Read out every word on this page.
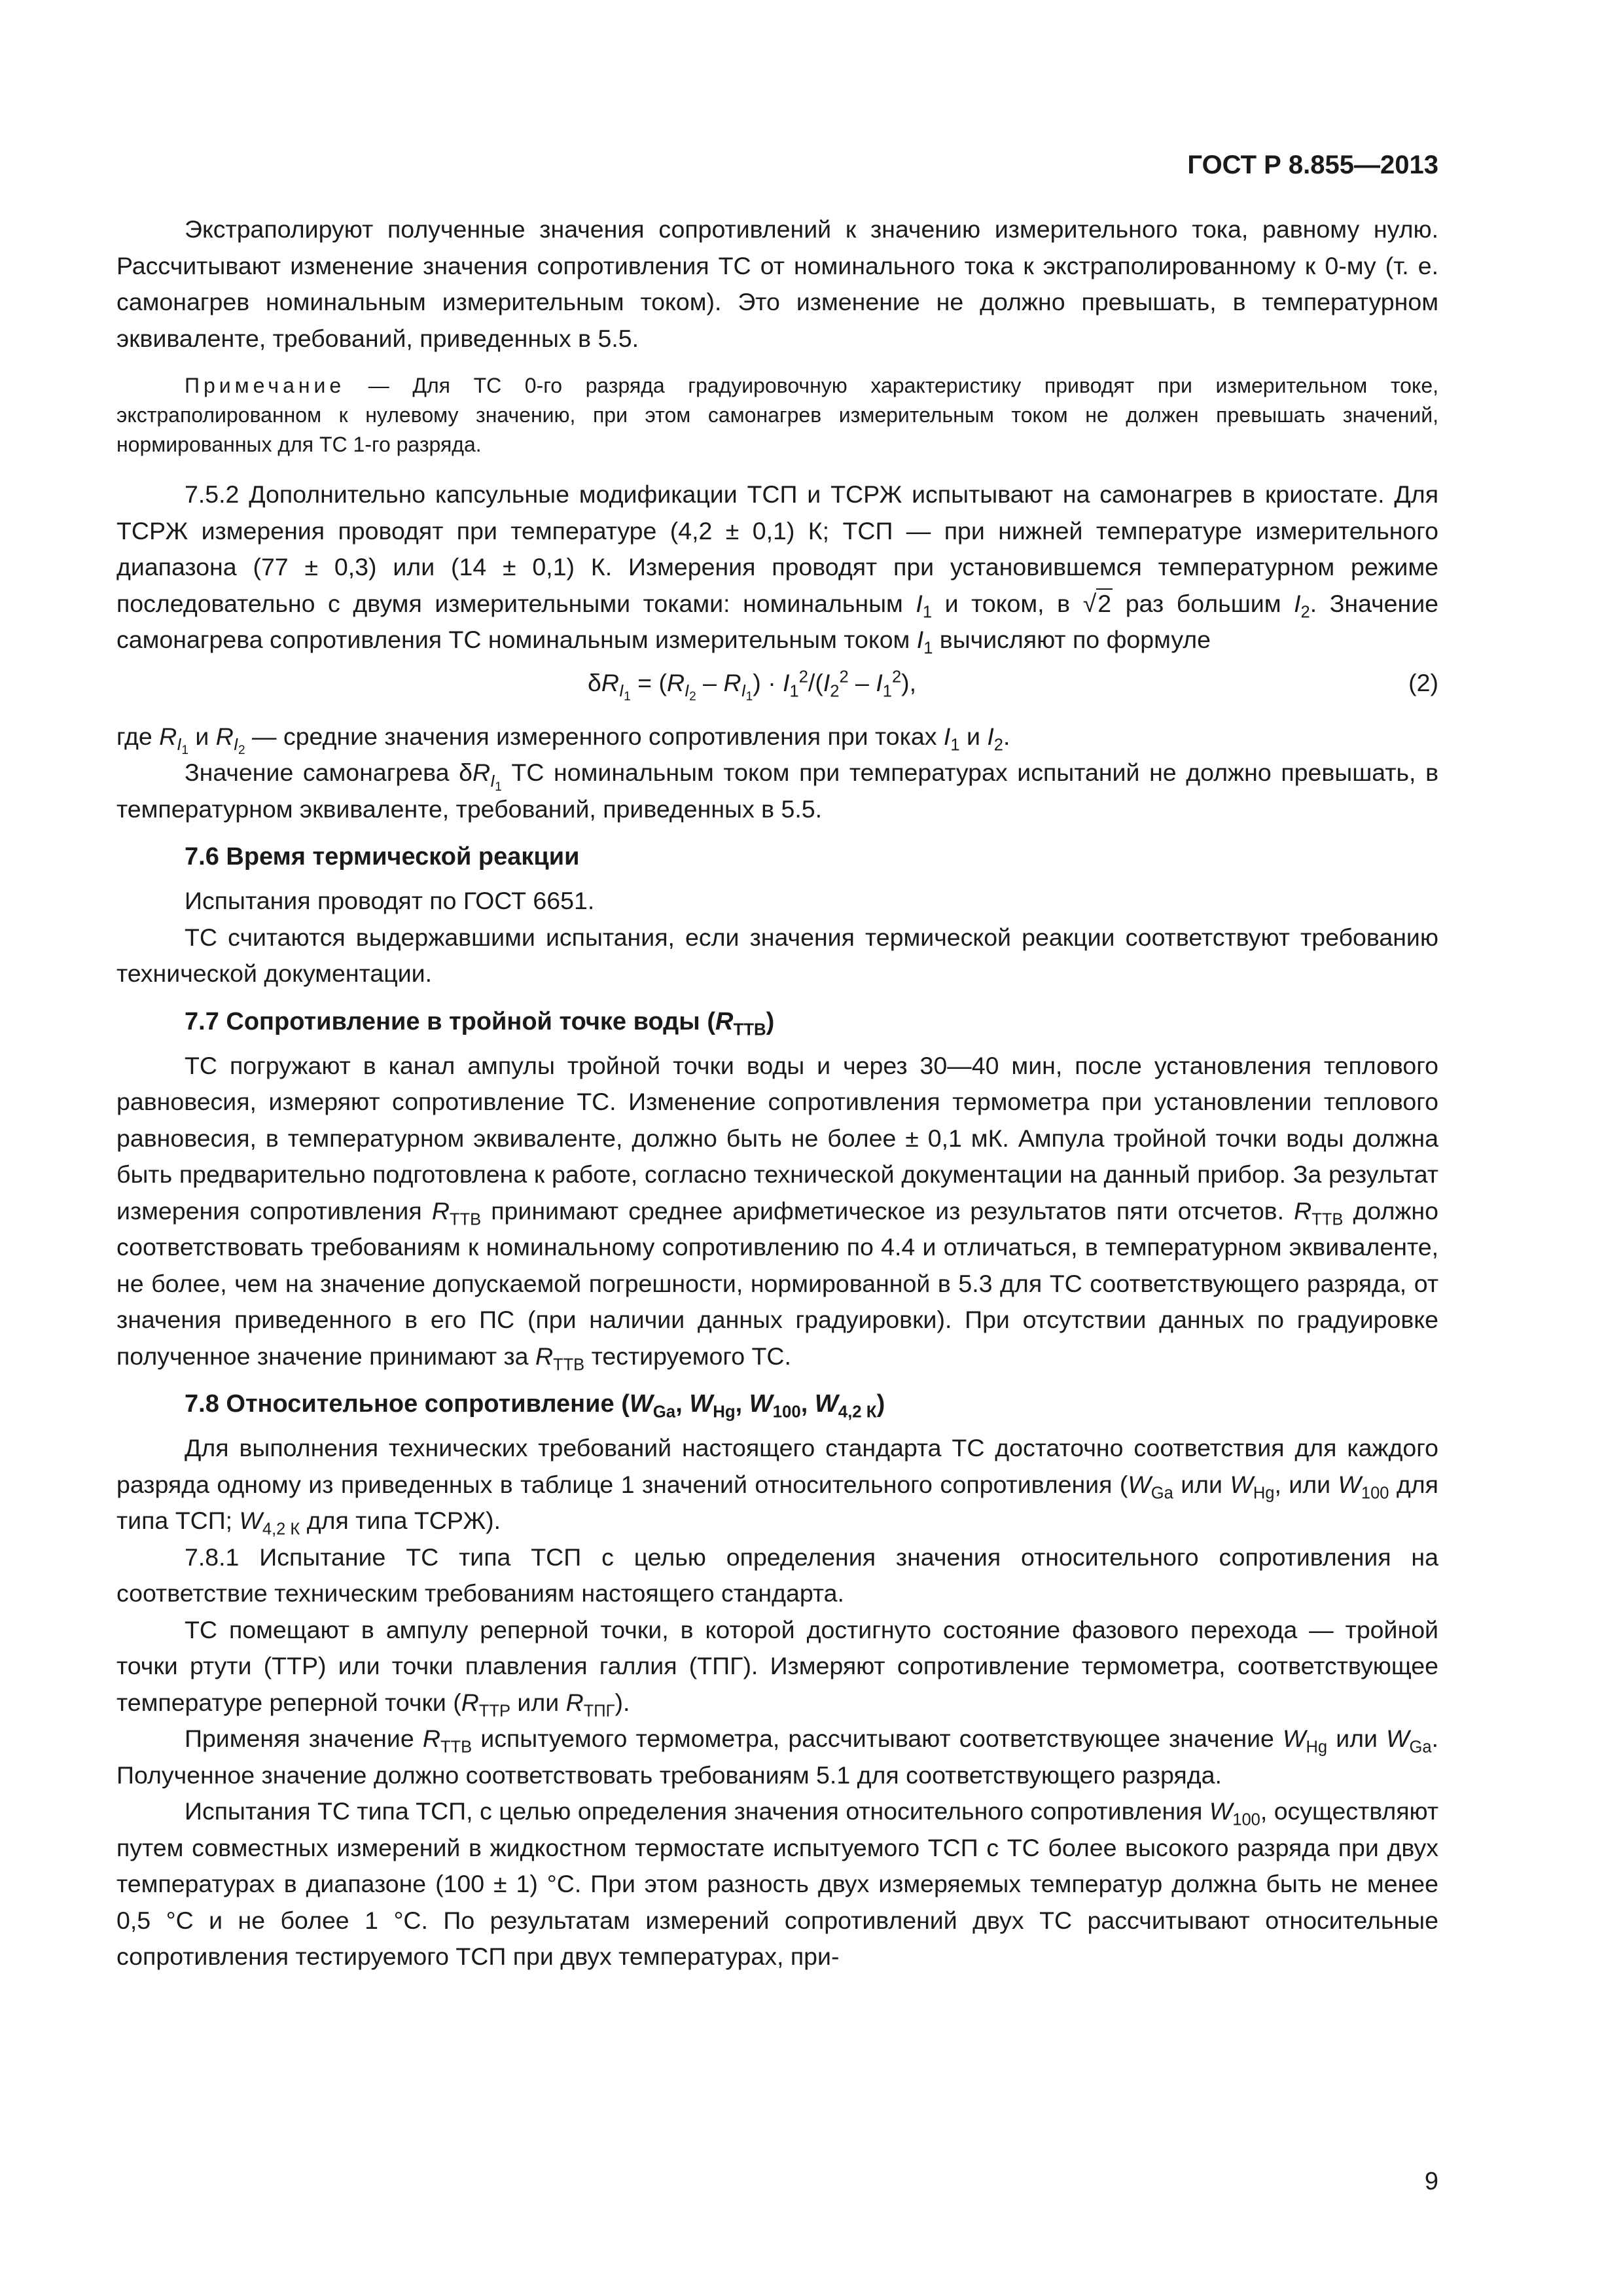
ГОСТ Р 8.855—2013

Экстраполируют полученные значения сопротивлений к значению измерительного тока, равному нулю. Рассчитывают изменение значения сопротивления ТС от номинального тока к экстраполированному к 0-му (т. е. самонагрев номинальным измерительным током). Это изменение не должно превышать, в температурном эквиваленте, требований, приведенных в 5.5.

Примечание — Для ТС 0-го разряда градуировочную характеристику приводят при измерительном токе, экстраполированном к нулевому значению, при этом самонагрев измерительным током не должен превышать значений, нормированных для ТС 1-го разряда.

7.5.2 Дополнительно капсульные модификации ТСП и ТСРЖ испытывают на самонагрев в криостате. Для ТСРЖ измерения проводят при температуре (4,2 ± 0,1) К; ТСП — при нижней температуре измерительного диапазона (77 ± 0,3) или (14 ± 0,1) К. Измерения проводят при установившемся температурном режиме последовательно с двумя измерительными токами: номинальным $I_1$ и током, в √2 раз большим $I_2$. Значение самонагрева сопротивления ТС номинальным измерительным током $I_1$ вычисляют по формуле

$\delta R_{I_1} = (R_{I_2} - R_{I_1}) \cdot I_1^2/(I_2^2 - I_1^2)$,	(2)

где $R_{I_1}$ и $R_{I_2}$ — средние значения измеренного сопротивления при токах $I_1$ и $I_2$.

Значение самонагрева $\delta R_{I_1}$ ТС номинальным током при температурах испытаний не должно превышать, в температурном эквиваленте, требований, приведенных в 5.5.

7.6 Время термической реакции

Испытания проводят по ГОСТ 6651.

ТС считаются выдержавшими испытания, если значения термической реакции соответствуют требованию технической документации.

7.7 Сопротивление в тройной точке воды $(R_{ТТВ})$

ТС погружают в канал ампулы тройной точки воды и через 30—40 мин, после установления теплового равновесия, измеряют сопротивление ТС. Изменение сопротивления термометра при установлении теплового равновесия, в температурном эквиваленте, должно быть не более ± 0,1 мК. Ампула тройной точки воды должна быть предварительно подготовлена к работе, согласно технической документации на данный прибор. За результат измерения сопротивления $R_{ТТВ}$ принимают среднее арифметическое из результатов пяти отсчетов. $R_{ТТВ}$ должно соответствовать требованиям к номинальному сопротивлению по 4.4 и отличаться, в температурном эквиваленте, не более, чем на значение допускаемой погрешности, нормированной в 5.3 для ТС соответствующего разряда, от значения приведенного в его ПС (при наличии данных градуировки). При отсутствии данных по градуировке полученное значение принимают за $R_{ТТВ}$ тестируемого ТС.

7.8 Относительное сопротивление ($W_{Ga}$, $W_{Hg}$, $W_{100}$, $W_{4,2 К}$)

Для выполнения технических требований настоящего стандарта ТС достаточно соответствия для каждого разряда одному из приведенных в таблице 1 значений относительного сопротивления ($W_{Ga}$ или $W_{Hg}$, или $W_{100}$ для типа ТСП; $W_{4,2 К}$ для типа ТСРЖ).

7.8.1 Испытание ТС типа ТСП с целью определения значения относительного сопротивления на соответствие техническим требованиям настоящего стандарта.

ТС помещают в ампулу реперной точки, в которой достигнуто состояние фазового перехода — тройной точки ртути (ТТР) или точки плавления галлия (ТПГ). Измеряют сопротивление термометра, соответствующее температуре реперной точки ($R_{ТТР}$ или $R_{ТПГ}$).

Применяя значение $R_{ТТВ}$ испытуемого термометра, рассчитывают соответствующее значение $W_{Hg}$ или $W_{Ga}$. Полученное значение должно соответствовать требованиям 5.1 для соответствующего разряда.

Испытания ТС типа ТСП, с целью определения значения относительного сопротивления $W_{100}$, осуществляют путем совместных измерений в жидкостном термостате испытуемого ТСП с ТС более высокого разряда при двух температурах в диапазоне (100 ± 1) °С. При этом разность двух измеряемых температур должна быть не менее 0,5 °С и не более 1 °С. По результатам измерений сопротивлений двух ТС рассчитывают относительные сопротивления тестируемого ТСП при двух температурах, при-

9
